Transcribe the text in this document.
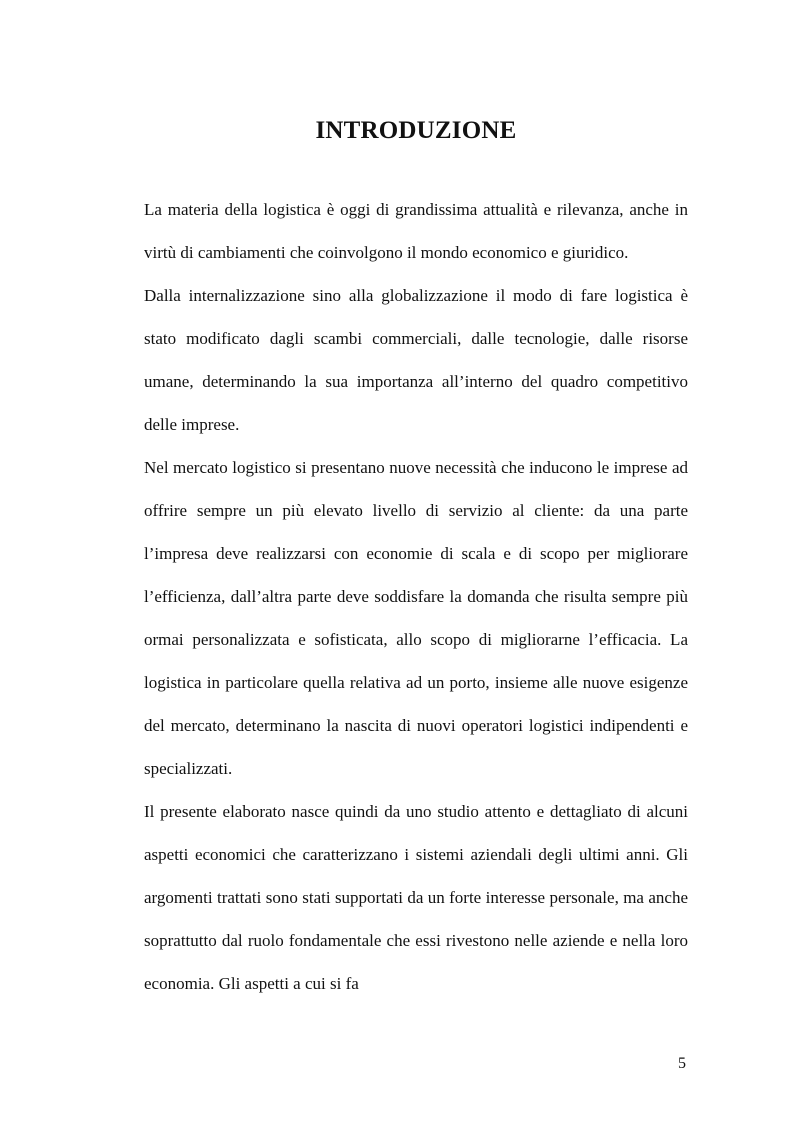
INTRODUZIONE

La materia della logistica è oggi di grandissima attualità e rilevanza, anche in virtù di cambiamenti che coinvolgono il mondo economico e giuridico.

Dalla internalizzazione sino alla globalizzazione il modo di fare logistica è stato modificato dagli scambi commerciali, dalle tecnologie, dalle risorse umane, determinando la sua importanza all’interno del quadro competitivo delle imprese.

Nel mercato logistico si presentano nuove necessità che inducono le imprese ad offrire sempre un più elevato livello di servizio al cliente: da una parte l’impresa deve realizzarsi con economie di scala e di scopo per migliorare l’efficienza, dall’altra parte deve soddisfare la domanda che risulta sempre più ormai personalizzata e sofisticata, allo scopo di migliorarne l’efficacia. La logistica in particolare quella relativa ad un porto, insieme alle nuove esigenze del mercato, determinano la nascita di nuovi operatori logistici indipendenti e specializzati.

Il presente elaborato nasce quindi da uno studio attento e dettagliato di alcuni aspetti economici che caratterizzano i sistemi aziendali degli ultimi anni. Gli argomenti trattati sono stati supportati da un forte interesse personale, ma anche soprattutto dal ruolo fondamentale che essi rivestono nelle aziende e nella loro economia. Gli aspetti a cui si fa

5
